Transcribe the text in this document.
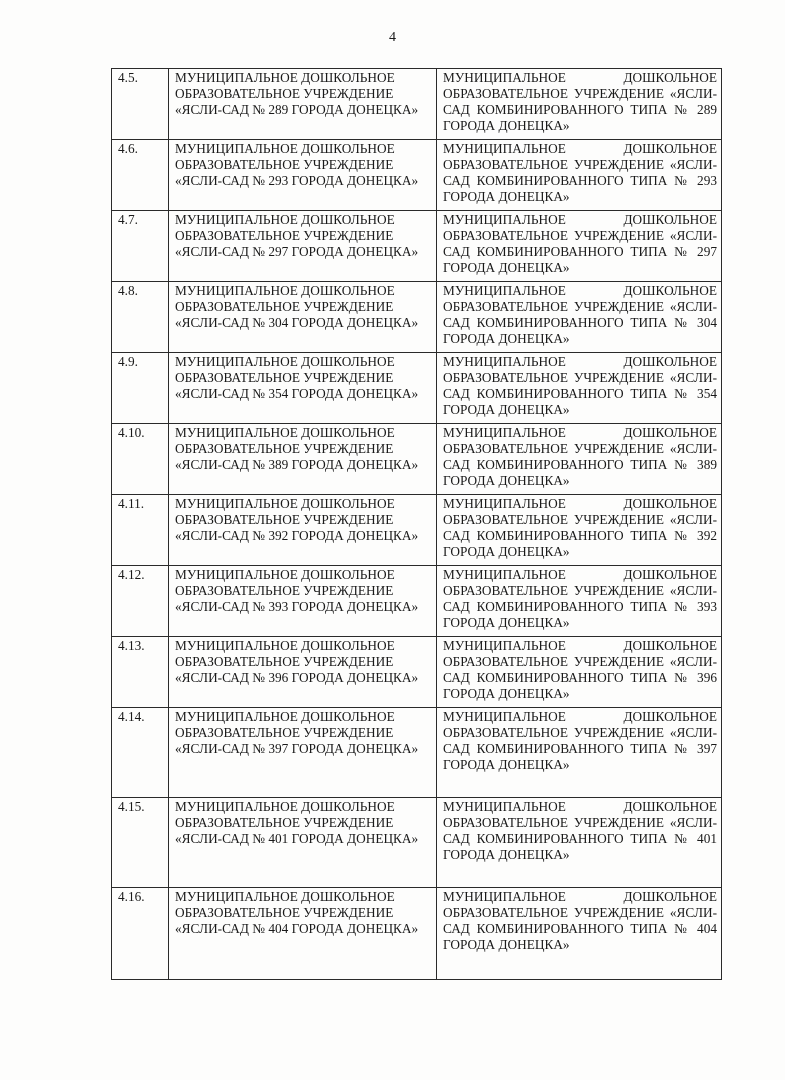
4
4.5.	МУНИЦИПАЛЬНОЕ ДОШКОЛЬНОЕ ОБРАЗОВАТЕЛЬНОЕ УЧРЕЖДЕНИЕ «ЯСЛИ-САД № 289 ГОРОДА ДОНЕЦКА»	МУНИЦИПАЛЬНОЕ ДОШКОЛЬНОЕ ОБРАЗОВАТЕЛЬНОЕ УЧРЕЖДЕНИЕ «ЯСЛИ-САД КОМБИНИРОВАННОГО ТИПА № 289 ГОРОДА ДОНЕЦКА»
4.6.	МУНИЦИПАЛЬНОЕ ДОШКОЛЬНОЕ ОБРАЗОВАТЕЛЬНОЕ УЧРЕЖДЕНИЕ «ЯСЛИ-САД № 293 ГОРОДА ДОНЕЦКА»	МУНИЦИПАЛЬНОЕ ДОШКОЛЬНОЕ ОБРАЗОВАТЕЛЬНОЕ УЧРЕЖДЕНИЕ «ЯСЛИ-САД КОМБИНИРОВАННОГО ТИПА № 293 ГОРОДА ДОНЕЦКА»
4.7.	МУНИЦИПАЛЬНОЕ ДОШКОЛЬНОЕ ОБРАЗОВАТЕЛЬНОЕ УЧРЕЖДЕНИЕ «ЯСЛИ-САД № 297 ГОРОДА ДОНЕЦКА»	МУНИЦИПАЛЬНОЕ ДОШКОЛЬНОЕ ОБРАЗОВАТЕЛЬНОЕ УЧРЕЖДЕНИЕ «ЯСЛИ-САД КОМБИНИРОВАННОГО ТИПА № 297 ГОРОДА ДОНЕЦКА»
4.8.	МУНИЦИПАЛЬНОЕ ДОШКОЛЬНОЕ ОБРАЗОВАТЕЛЬНОЕ УЧРЕЖДЕНИЕ «ЯСЛИ-САД № 304 ГОРОДА ДОНЕЦКА»	МУНИЦИПАЛЬНОЕ ДОШКОЛЬНОЕ ОБРАЗОВАТЕЛЬНОЕ УЧРЕЖДЕНИЕ «ЯСЛИ-САД КОМБИНИРОВАННОГО ТИПА № 304 ГОРОДА ДОНЕЦКА»
4.9.	МУНИЦИПАЛЬНОЕ ДОШКОЛЬНОЕ ОБРАЗОВАТЕЛЬНОЕ УЧРЕЖДЕНИЕ «ЯСЛИ-САД № 354 ГОРОДА ДОНЕЦКА»	МУНИЦИПАЛЬНОЕ ДОШКОЛЬНОЕ ОБРАЗОВАТЕЛЬНОЕ УЧРЕЖДЕНИЕ «ЯСЛИ-САД КОМБИНИРОВАННОГО ТИПА № 354 ГОРОДА ДОНЕЦКА»
4.10.	МУНИЦИПАЛЬНОЕ ДОШКОЛЬНОЕ ОБРАЗОВАТЕЛЬНОЕ УЧРЕЖДЕНИЕ «ЯСЛИ-САД № 389 ГОРОДА ДОНЕЦКА»	МУНИЦИПАЛЬНОЕ ДОШКОЛЬНОЕ ОБРАЗОВАТЕЛЬНОЕ УЧРЕЖДЕНИЕ «ЯСЛИ-САД КОМБИНИРОВАННОГО ТИПА № 389 ГОРОДА ДОНЕЦКА»
4.11.	МУНИЦИПАЛЬНОЕ ДОШКОЛЬНОЕ ОБРАЗОВАТЕЛЬНОЕ УЧРЕЖДЕНИЕ «ЯСЛИ-САД № 392 ГОРОДА ДОНЕЦКА»	МУНИЦИПАЛЬНОЕ ДОШКОЛЬНОЕ ОБРАЗОВАТЕЛЬНОЕ УЧРЕЖДЕНИЕ «ЯСЛИ-САД КОМБИНИРОВАННОГО ТИПА № 392 ГОРОДА ДОНЕЦКА»
4.12.	МУНИЦИПАЛЬНОЕ ДОШКОЛЬНОЕ ОБРАЗОВАТЕЛЬНОЕ УЧРЕЖДЕНИЕ «ЯСЛИ-САД № 393 ГОРОДА ДОНЕЦКА»	МУНИЦИПАЛЬНОЕ ДОШКОЛЬНОЕ ОБРАЗОВАТЕЛЬНОЕ УЧРЕЖДЕНИЕ «ЯСЛИ-САД КОМБИНИРОВАННОГО ТИПА № 393 ГОРОДА ДОНЕЦКА»
4.13.	МУНИЦИПАЛЬНОЕ ДОШКОЛЬНОЕ ОБРАЗОВАТЕЛЬНОЕ УЧРЕЖДЕНИЕ «ЯСЛИ-САД № 396 ГОРОДА ДОНЕЦКА»	МУНИЦИПАЛЬНОЕ ДОШКОЛЬНОЕ ОБРАЗОВАТЕЛЬНОЕ УЧРЕЖДЕНИЕ «ЯСЛИ-САД КОМБИНИРОВАННОГО ТИПА № 396 ГОРОДА ДОНЕЦКА»
4.14.	МУНИЦИПАЛЬНОЕ ДОШКОЛЬНОЕ ОБРАЗОВАТЕЛЬНОЕ УЧРЕЖДЕНИЕ «ЯСЛИ-САД № 397 ГОРОДА ДОНЕЦКА»	МУНИЦИПАЛЬНОЕ ДОШКОЛЬНОЕ ОБРАЗОВАТЕЛЬНОЕ УЧРЕЖДЕНИЕ «ЯСЛИ-САД КОМБИНИРОВАННОГО ТИПА № 397 ГОРОДА ДОНЕЦКА»
4.15.	МУНИЦИПАЛЬНОЕ ДОШКОЛЬНОЕ ОБРАЗОВАТЕЛЬНОЕ УЧРЕЖДЕНИЕ «ЯСЛИ-САД № 401 ГОРОДА ДОНЕЦКА»	МУНИЦИПАЛЬНОЕ ДОШКОЛЬНОЕ ОБРАЗОВАТЕЛЬНОЕ УЧРЕЖДЕНИЕ «ЯСЛИ-САД КОМБИНИРОВАННОГО ТИПА № 401 ГОРОДА ДОНЕЦКА»
4.16.	МУНИЦИПАЛЬНОЕ ДОШКОЛЬНОЕ ОБРАЗОВАТЕЛЬНОЕ УЧРЕЖДЕНИЕ «ЯСЛИ-САД № 404 ГОРОДА ДОНЕЦКА»	МУНИЦИПАЛЬНОЕ ДОШКОЛЬНОЕ ОБРАЗОВАТЕЛЬНОЕ УЧРЕЖДЕНИЕ «ЯСЛИ-САД КОМБИНИРОВАННОГО ТИПА № 404 ГОРОДА ДОНЕЦКА»
